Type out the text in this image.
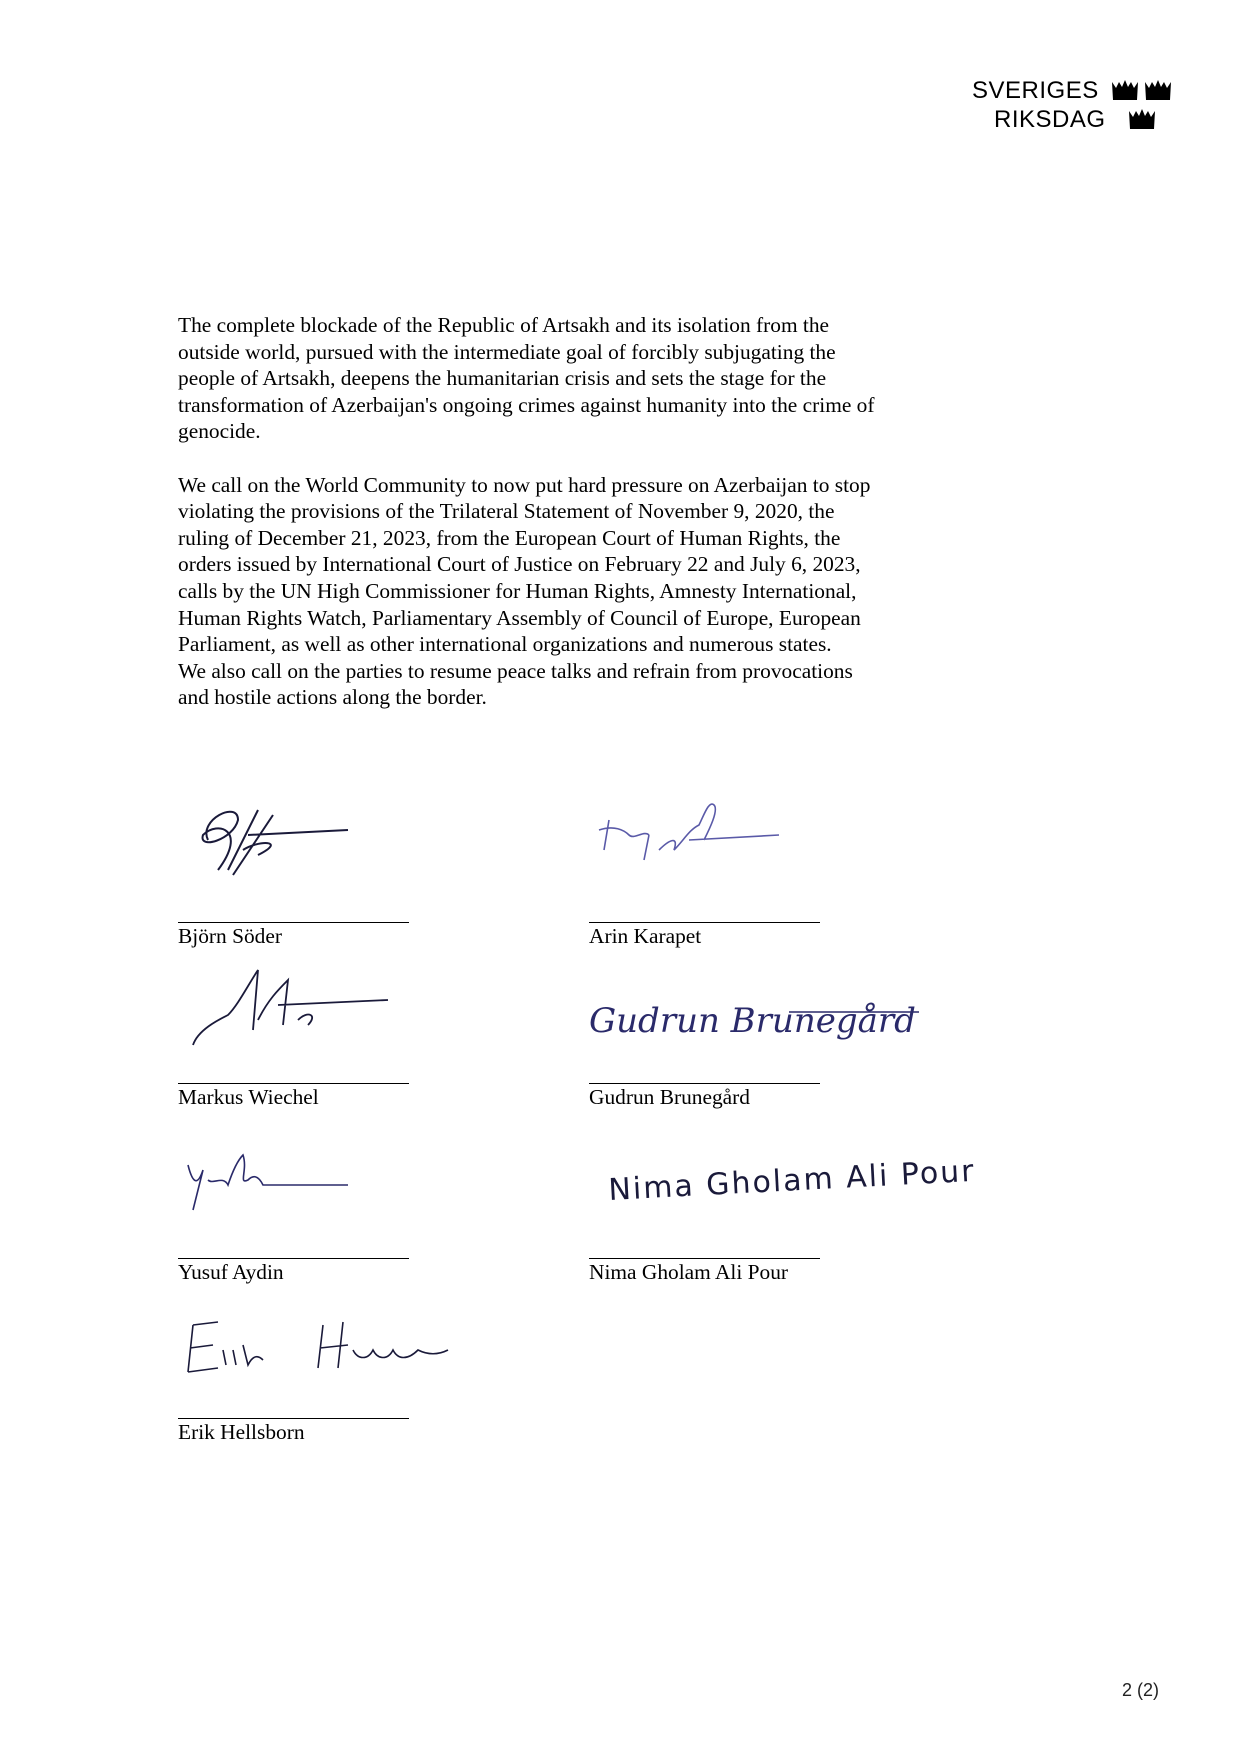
SVERIGES
RIKSDAG

The complete blockade of the Republic of Artsakh and its isolation from the
outside world, pursued with the intermediate goal of forcibly subjugating the
people of Artsakh, deepens the humanitarian crisis and sets the stage for the
transformation of Azerbaijan's ongoing crimes against humanity into the crime of
genocide.

We call on the World Community to now put hard pressure on Azerbaijan to stop
violating the provisions of the Trilateral Statement of November 9, 2020, the
ruling of December 21, 2023, from the European Court of Human Rights, the
orders issued by International Court of Justice on February 22 and July 6, 2023,
calls by the UN High Commissioner for Human Rights, Amnesty International,
Human Rights Watch, Parliamentary Assembly of Council of Europe, European
Parliament, as well as other international organizations and numerous states.
We also call on the parties to resume peace talks and refrain from provocations
and hostile actions along the border.

Björn Söder	Arin Karapet
Markus Wiechel
Gudrun Brunegård
Gudrun Brunegård
Yusuf Aydin
Nima Gholam Ali Pour
Nima Gholam Ali Pour
Erik Hellsborn
2 (2)
